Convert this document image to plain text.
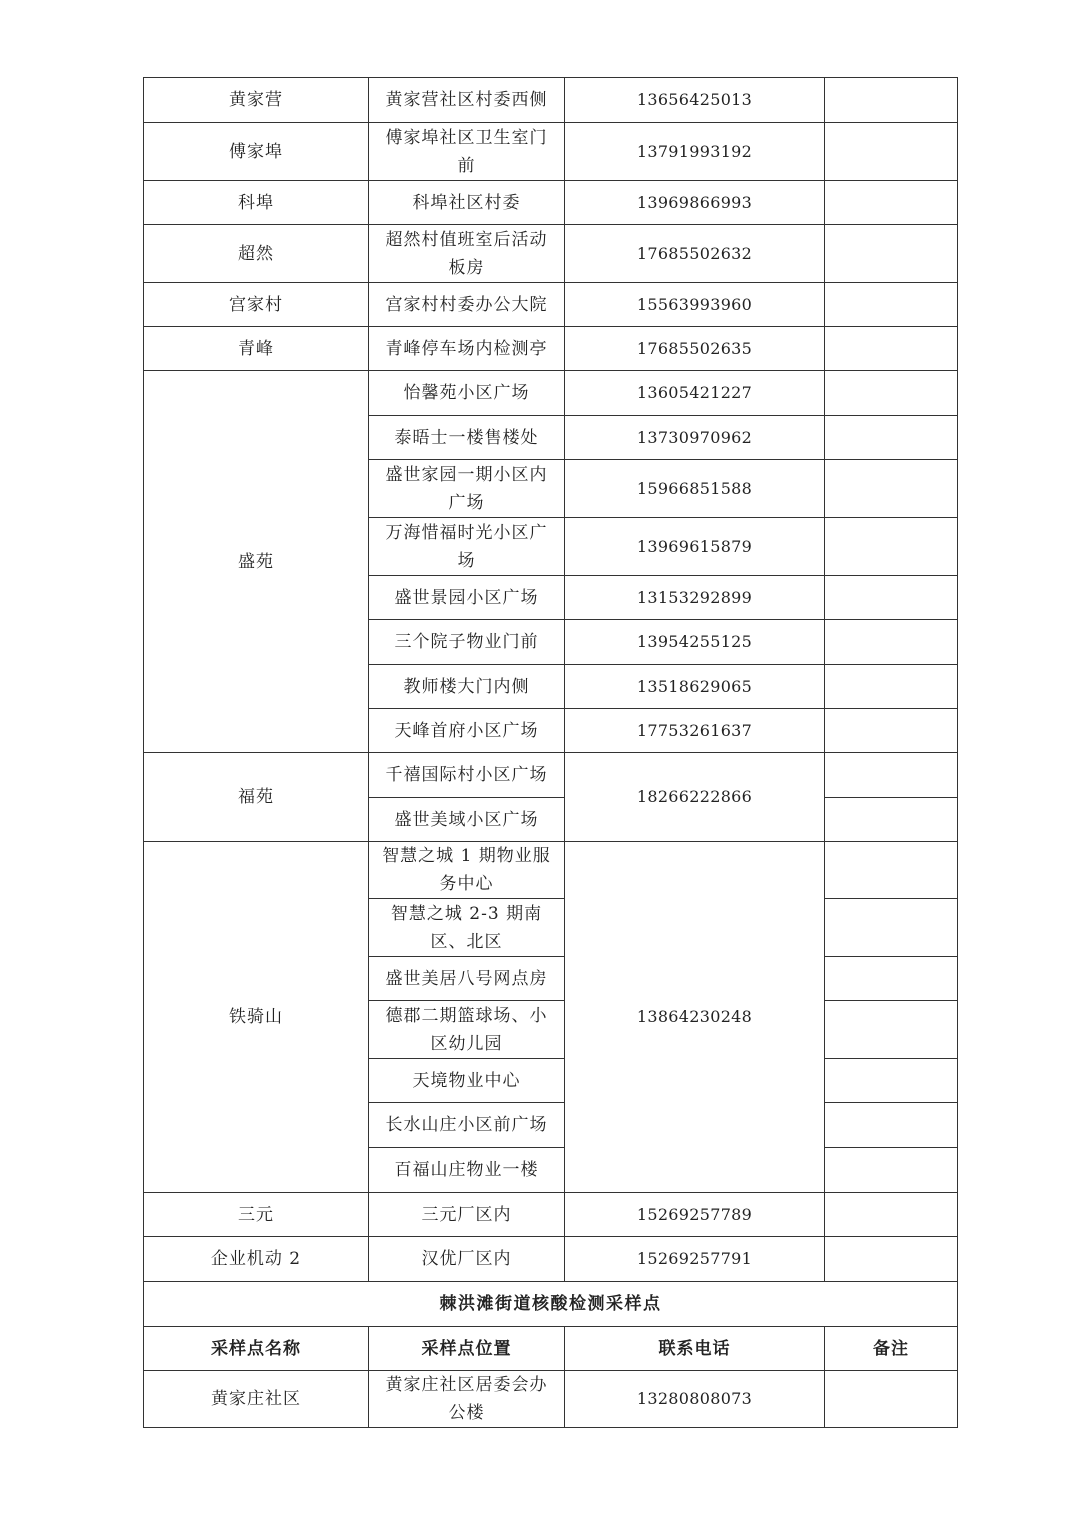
黄家营	黄家营社区村委西侧	13656425013	
傅家埠	傅家埠社区卫生室门前	13791993192	
科埠	科埠社区村委	13969866993	
超然	超然村值班室后活动板房	17685502632	
宫家村	宫家村村委办公大院	15563993960	
青峰	青峰停车场内检测亭	17685502635	
盛苑	怡馨苑小区广场	13605421227	
	泰晤士一楼售楼处	13730970962	
	盛世家园一期小区内广场	15966851588	
	万海惜福时光小区广场	13969615879	
	盛世景园小区广场	13153292899	
	三个院子物业门前	13954255125	
	教师楼大门内侧	13518629065	
	天峰首府小区广场	17753261637	
福苑	千禧国际村小区广场	18266222866	
	盛世美域小区广场		
铁骑山	智慧之城 1 期物业服务中心	13864230248	
	智慧之城 2-3 期南区、北区		
	盛世美居八号网点房		
	德郡二期篮球场、小区幼儿园		
	天境物业中心		
	长水山庄小区前广场		
	百福山庄物业一楼		
三元	三元厂区内	15269257789	
企业机动 2	汉优厂区内	15269257791	
棘洪滩街道核酸检测采样点			
采样点名称	采样点位置	联系电话	备注
黄家庄社区	黄家庄社区居委会办公楼	13280808073	
